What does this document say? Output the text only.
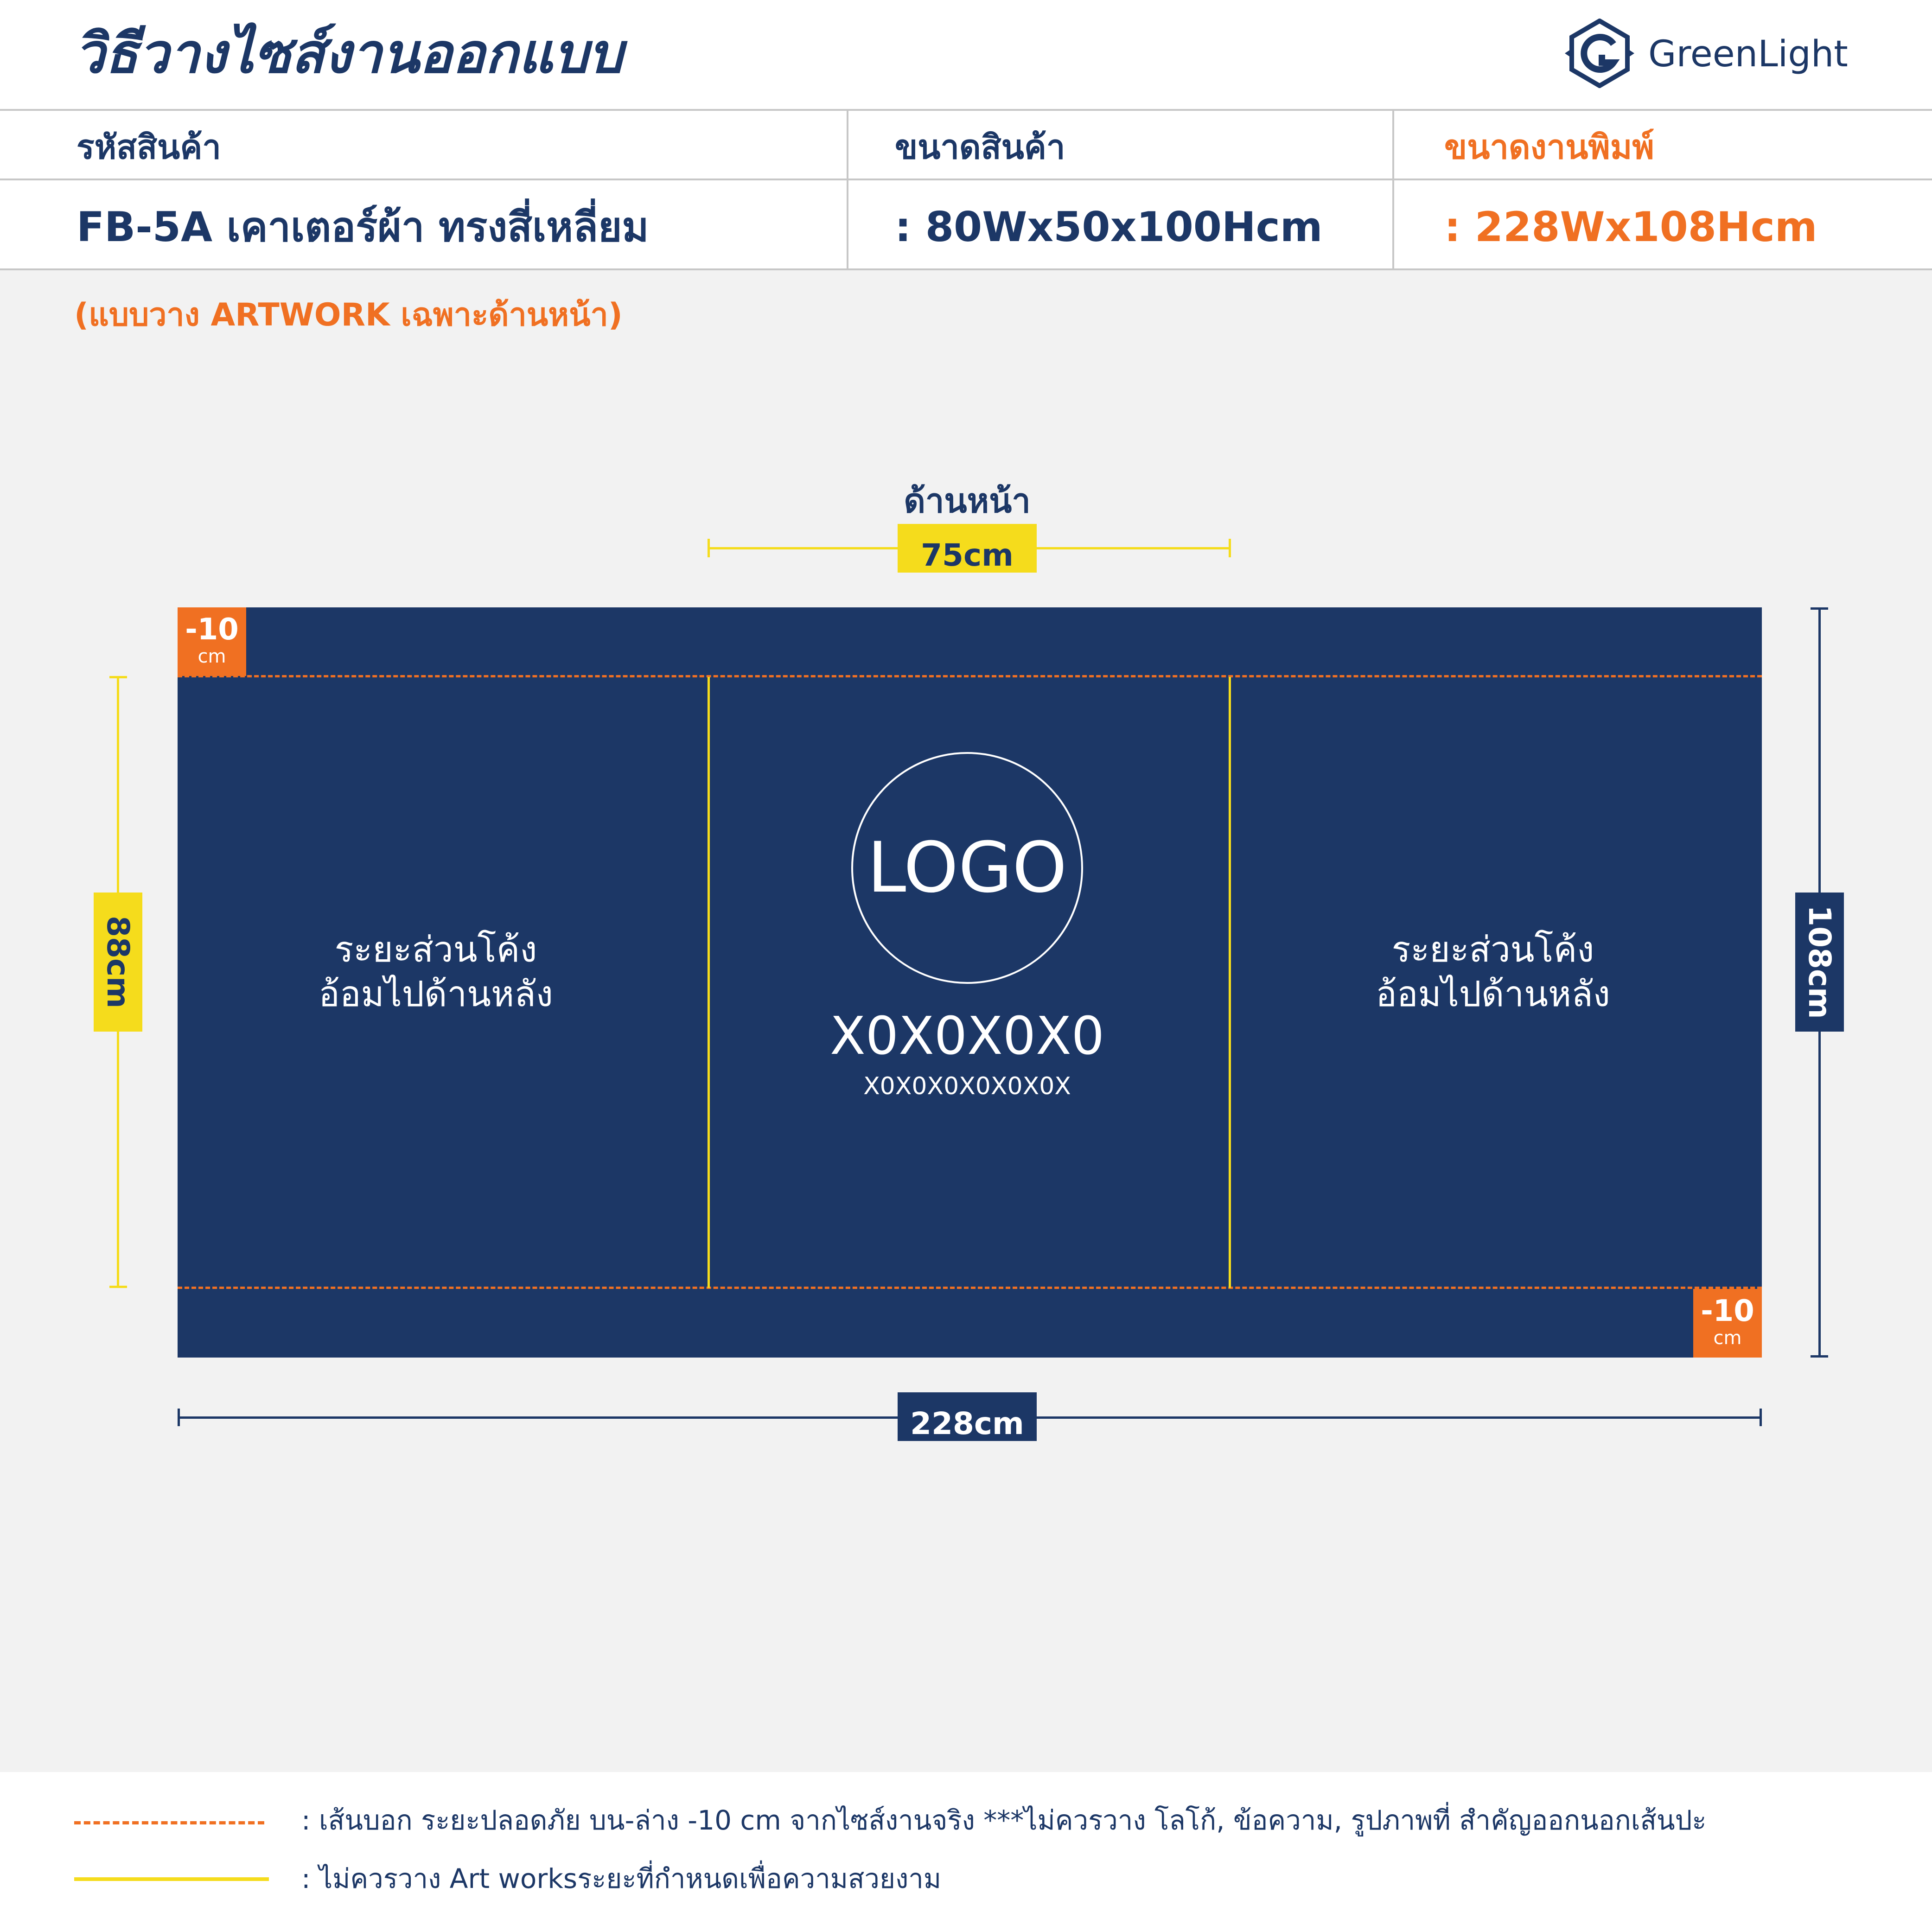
วิธีวางไซส์งานออกแบบ	GreenLight
รหัสสินค้า	ขนาดสินค้า	ขนาดงานพิมพ์
FB-5A เคาเตอร์ผ้า ทรงสี่เหลี่ยม	: 80Wx50x100Hcm	: 228Wx108Hcm
(แบบวาง ARTWORK เฉพาะด้านหน้า)
ด้านหน้า
75cm
-10
cm
-10
cm
ระยะส่วนโค้ง
อ้อมไปด้านหลัง
ระยะส่วนโค้ง
อ้อมไปด้านหลัง
LOGO
X0X0X0X0
X0X0X0X0X0X0X
88cm	108cm
228cm
: เส้นบอก ระยะปลอดภัย บน-ล่าง -10 cm จากไซส์งานจริง ***ไม่ควรวาง โลโก้, ข้อความ, รูปภาพที่ สำคัญออกนอกเส้นปะ
: ไม่ควรวาง Art worksระยะที่กำหนดเพื่อความสวยงาม
